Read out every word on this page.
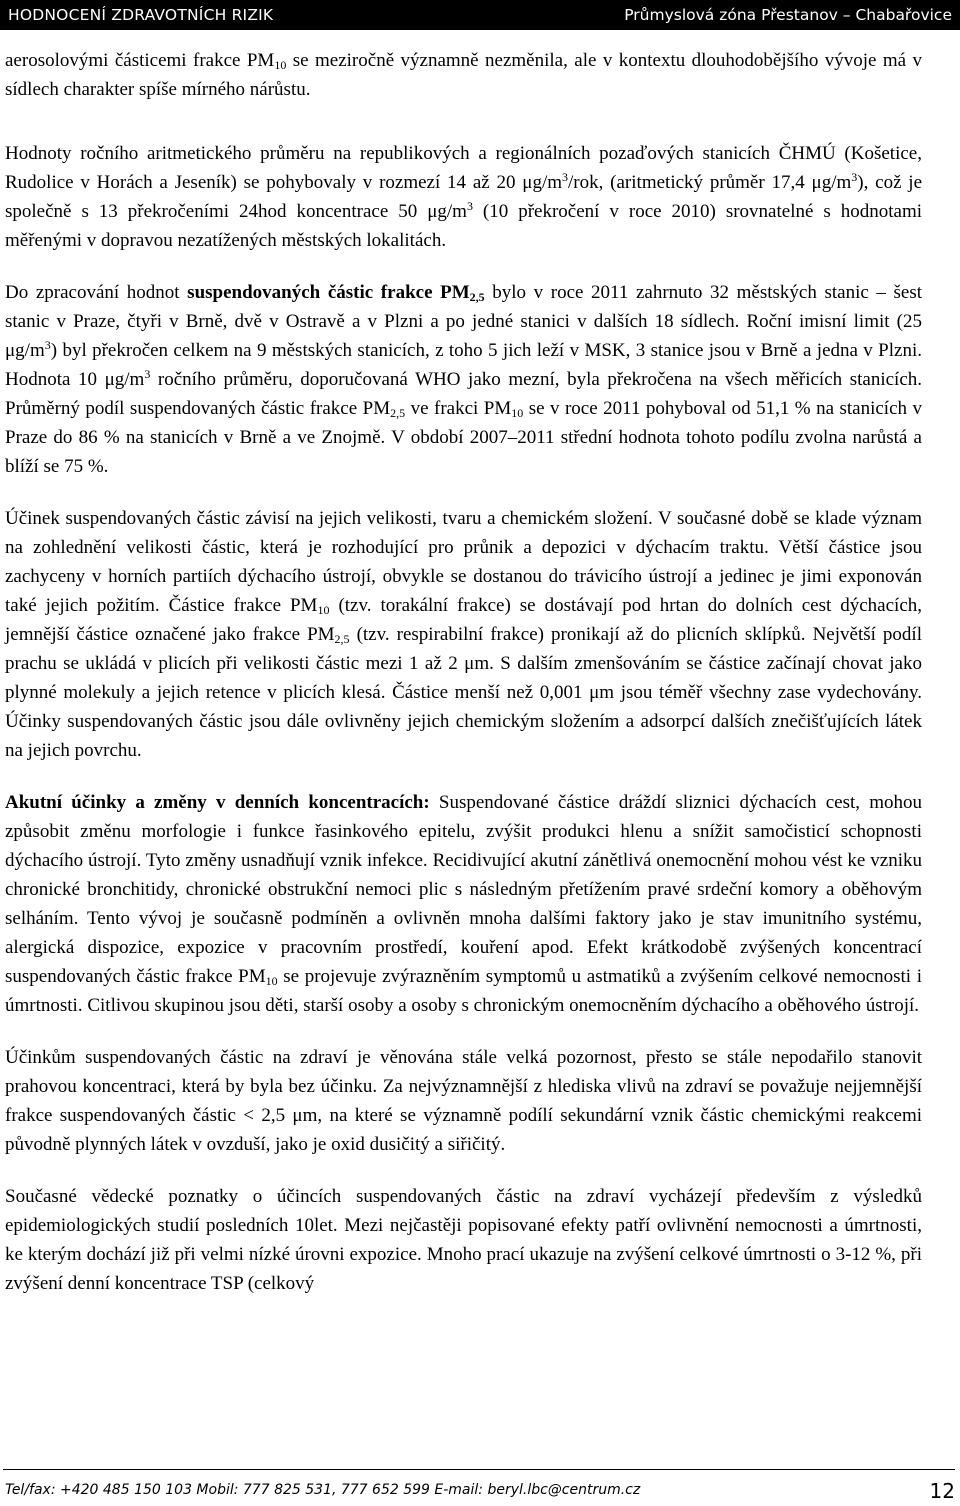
HODNOCENÍ ZDRAVOTNÍCH RIZIK	Průmyslová zóna Přestanov – Chabařovice

aerosolovými částicemi frakce $PM_{10}$ se meziročně významně nezměnila, ale v kontextu dlouhodobějšího vývoje má v sídlech charakter spíše mírného nárůstu.

Hodnoty ročního aritmetického průměru na republikových a regionálních pozaďových stanicích ČHMÚ (Košetice, Rudolice v Horách a Jeseník) se pohybovaly v rozmezí 14 až 20 $\mu g/m^3$/rok, (aritmetický průměr 17,4 $\mu g/m^3$), což je společně s 13 překročeními 24hod koncentrace 50 $\mu g/m^3$ (10 překročení v roce 2010) srovnatelné s hodnotami měřenými v dopravou nezatížených městských lokalitách.

Do zpracování hodnot suspendovaných částic frakce $PM_{2,5}$ bylo v roce 2011 zahrnuto 32 městských stanic – šest stanic v Praze, čtyři v Brně, dvě v Ostravě a v Plzni a po jedné stanici v dalších 18 sídlech. Roční imisní limit (25 $\mu g/m^3$) byl překročen celkem na 9 městských stanicích, z toho 5 jich leží v MSK, 3 stanice jsou v Brně a jedna v Plzni. Hodnota 10 $\mu g/m^3$ ročního průměru, doporučovaná WHO jako mezní, byla překročena na všech měřicích stanicích. Průměrný podíl suspendovaných částic frakce $PM_{2,5}$ ve frakci $PM_{10}$ se v roce 2011 pohyboval od 51,1 % na stanicích v Praze do 86 % na stanicích v Brně a ve Znojmě. V období 2007–2011 střední hodnota tohoto podílu zvolna narůstá a blíží se 75 %.

Účinek suspendovaných částic závisí na jejich velikosti, tvaru a chemickém složení. V současné době se klade význam na zohlednění velikosti částic, která je rozhodující pro průnik a depozici v dýchacím traktu. Větší částice jsou zachyceny v horních partiích dýchacího ústrojí, obvykle se dostanou do trávicího ústrojí a jedinec je jimi exponován také jejich požitím. Částice frakce $PM_{10}$ (tzv. torakální frakce) se dostávají pod hrtan do dolních cest dýchacích, jemnější částice označené jako frakce $PM_{2,5}$ (tzv. respirabilní frakce) pronikají až do plicních sklípků. Největší podíl prachu se ukládá v plicích při velikosti částic mezi 1 až 2 μm. S dalším zmenšováním se částice začínají chovat jako plynné molekuly a jejich retence v plicích klesá. Částice menší než 0,001 μm jsou téměř všechny zase vydechovány. Účinky suspendovaných částic jsou dále ovlivněny jejich chemickým složením a adsorpcí dalších znečišťujících látek na jejich povrchu.

Akutní účinky a změny v denních koncentracích: Suspendované částice dráždí sliznici dýchacích cest, mohou způsobit změnu morfologie i funkce řasinkového epitelu, zvýšit produkci hlenu a snížit samočisticí schopnosti dýchacího ústrojí. Tyto změny usnadňují vznik infekce. Recidivující akutní zánětlivá onemocnění mohou vést ke vzniku chronické bronchitidy, chronické obstrukční nemoci plic s následným přetížením pravé srdeční komory a oběhovým selháním. Tento vývoj je současně podmíněn a ovlivněn mnoha dalšími faktory jako je stav imunitního systému, alergická dispozice, expozice v pracovním prostředí, kouření apod. Efekt krátkodobě zvýšených koncentrací suspendovaných částic frakce $PM_{10}$ se projevuje zvýrazněním symptomů u astmatiků a zvýšením celkové nemocnosti i úmrtnosti. Citlivou skupinou jsou děti, starší osoby a osoby s chronickým onemocněním dýchacího a oběhového ústrojí.

Účinkům suspendovaných částic na zdraví je věnována stále velká pozornost, přesto se stále nepodařilo stanovit prahovou koncentraci, která by byla bez účinku. Za nejvýznamnější z hlediska vlivů na zdraví se považuje nejjemnější frakce suspendovaných částic < 2,5 μm, na které se významně podílí sekundární vznik částic chemickými reakcemi původně plynných látek v ovzduší, jako je oxid dusičitý a siřičitý.

Současné vědecké poznatky o účincích suspendovaných částic na zdraví vycházejí především z výsledků epidemiologických studií posledních 10let. Mezi nejčastěji popisované efekty patří ovlivnění nemocnosti a úmrtnosti, ke kterým dochází již při velmi nízké úrovni expozice. Mnoho prací ukazuje na zvýšení celkové úmrtnosti o 3-12 %, při zvýšení denní koncentrace TSP (celkový

Tel/fax: +420 485 150 103 Mobil: 777 825 531, 777 652 599 E-mail: beryl.lbc@centrum.cz	12
